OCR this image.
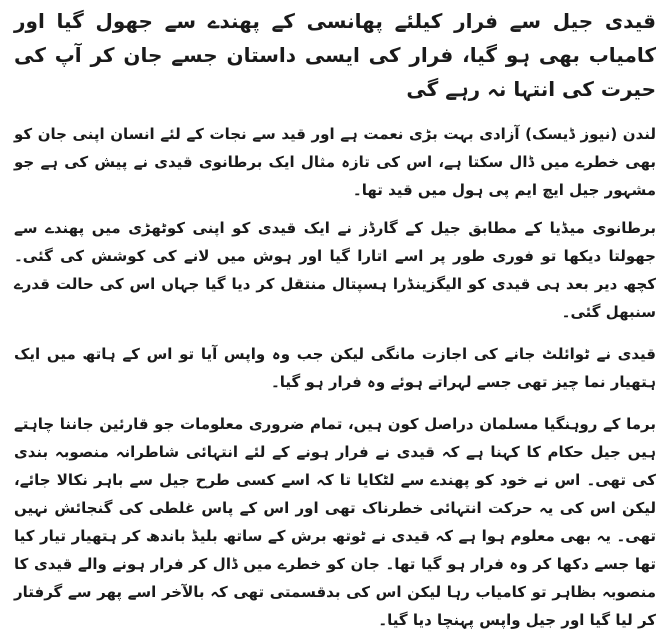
قیدی جیل سے فرار کیلئے پھانسی کے پھندے سے جھول گیا اور کامیاب بھی ہو گیا، فرار کی ایسی داستان جسے جان کر آپ کی حیرت کی انتہا نہ رہے گی

لندن (نیوز ڈیسک) آزادی بہت بڑی نعمت ہے اور قید سے نجات کے لئے انسان اپنی جان کو بھی خطرے میں ڈال سکتا ہے، اس کی تازہ مثال ایک برطانوی قیدی نے پیش کی ہے جو مشہور جیل ایچ ایم پی ہول میں قید تھا۔

برطانوی میڈیا کے مطابق جیل کے گارڈز نے ایک قیدی کو اپنی کوٹھڑی میں پھندے سے جھولتا دیکھا تو فوری طور پر اسے اتارا گیا اور ہوش میں لانے کی کوشش کی گئی۔ کچھ دیر بعد ہی قیدی کو الیگزینڈرا ہسپتال منتقل کر دیا گیا جہاں اس کی حالت قدرے سنبھل گئی۔

قیدی نے ٹوائلٹ جانے کی اجازت مانگی لیکن جب وہ واپس آیا تو اس کے ہاتھ میں ایک ہتھیار نما چیز تھی جسے لہراتے ہوئے وہ فرار ہو گیا۔

برما کے روہنگیا مسلمان دراصل کون ہیں، تمام ضروری معلومات جو قارئین جاننا چاہتے ہیں جیل حکام کا کہنا ہے کہ قیدی نے فرار ہونے کے لئے انتہائی شاطرانہ منصوبہ بندی کی تھی۔ اس نے خود کو پھندے سے لٹکایا تا کہ اسے کسی طرح جیل سے باہر نکالا جائے، لیکن اس کی یہ حرکت انتہائی خطرناک تھی اور اس کے پاس غلطی کی گنجائش نہیں تھی۔ یہ بھی معلوم ہوا ہے کہ قیدی نے ٹوتھ برش کے ساتھ بلیڈ باندھ کر ہتھیار تیار کیا تھا جسے دکھا کر وہ فرار ہو گیا تھا۔ جان کو خطرے میں ڈال کر فرار ہونے والے قیدی کا منصوبہ بظاہر تو کامیاب رہا لیکن اس کی بدقسمتی تھی کہ بالآخر اسے پھر سے گرفتار کر لیا گیا اور جیل واپس پہنچا دیا گیا۔
